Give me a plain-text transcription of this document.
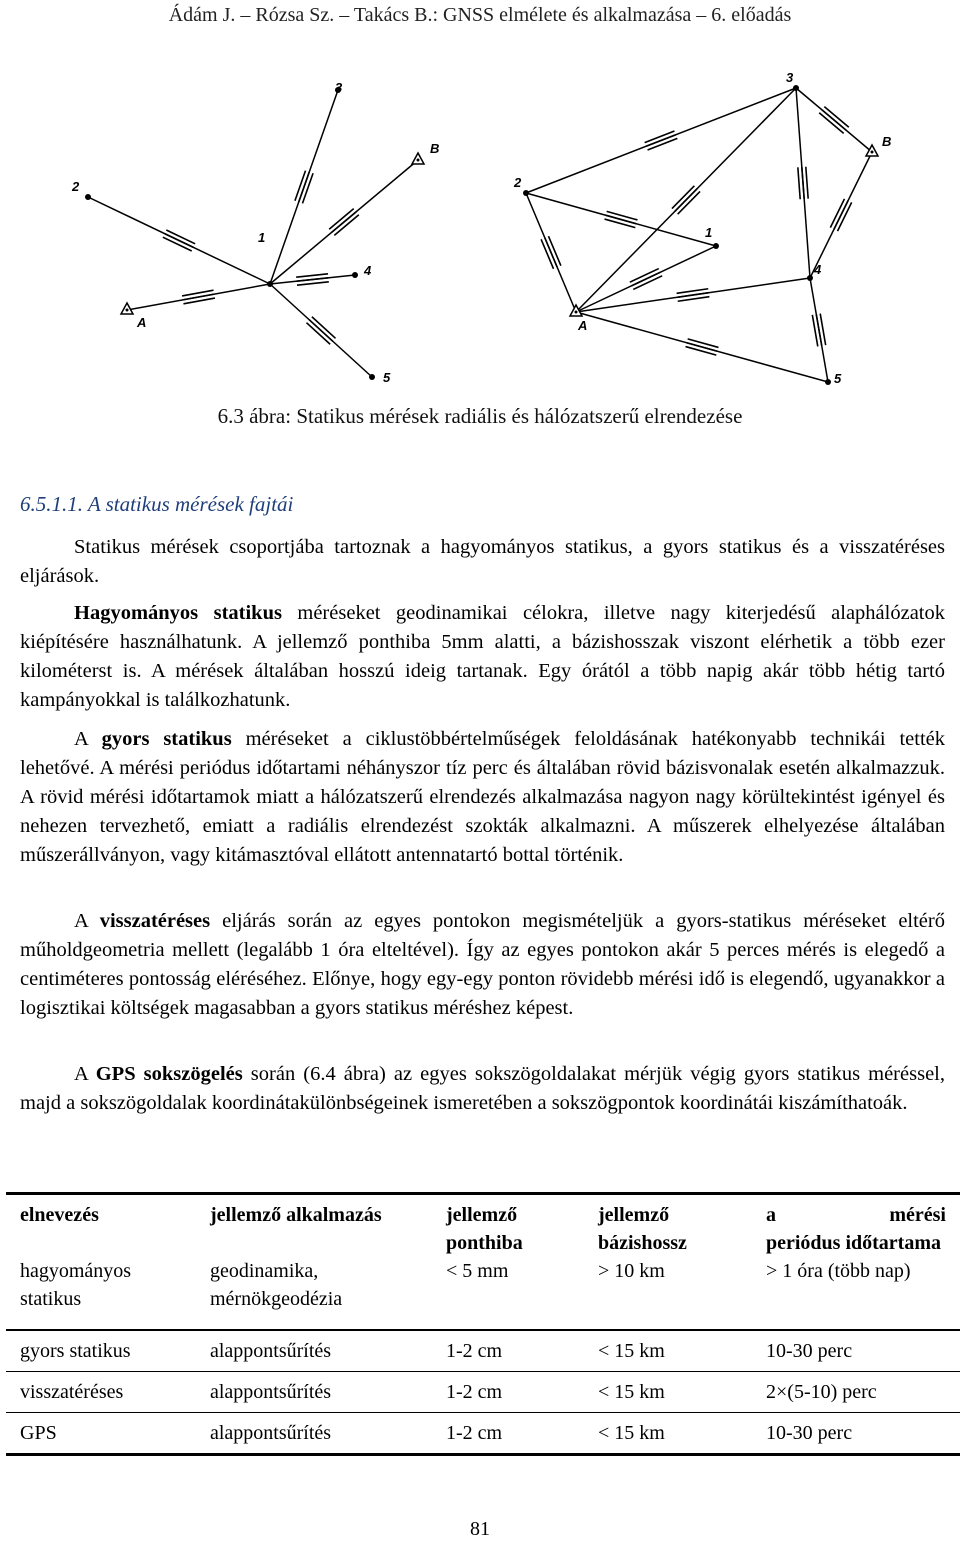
Ádám J. – Rózsa Sz. – Takács B.: GNSS elmélete és alkalmazása – 6. előadás
1
2
3
4
5
A
B
1
2
3
4
5
A
B
6.3 ábra: Statikus mérések radiális és hálózatszerű elrendezése
6.5.1.1. A statikus mérések fajtái

Statikus mérések csoportjába tartoznak a hagyományos statikus, a gyors statikus és a visszatéréses eljárások.

Hagyományos statikus méréseket geodinamikai célokra, illetve nagy kiterjedésű alaphálózatok kiépítésére használhatunk. A jellemző ponthiba 5mm alatti, a bázishosszak viszont elérhetik a több ezer kilométerst is. A mérések általában hosszú ideig tartanak. Egy órától a több napig akár több hétig tartó kampányokkal is találkozhatunk.

A gyors statikus méréseket a ciklustöbbértelműségek feloldásának hatékonyabb technikái tették lehetővé. A mérési periódus időtartami néhányszor tíz perc és általában rövid bázisvonalak esetén alkalmazzuk. A rövid mérési időtartamok miatt a hálózatszerű elrendezés alkalmazása nagyon nagy körültekintést igényel és nehezen tervezhető, emiatt a radiális elrendezést szokták alkalmazni. A műszerek elhelyezése általában műszerállványon, vagy kitámasztóval ellátott antennatartó bottal történik.

A visszatéréses eljárás során az egyes pontokon megismételjük a gyors-statikus méréseket eltérő műholdgeometria mellett (legalább 1 óra elteltével). Így az egyes pontokon akár 5 perces mérés is elegedő a centiméteres pontosság eléréséhez. Előnye, hogy egy-egy ponton rövidebb mérési idő is elegendő, ugyanakkor a logisztikai költségek magasabban a gyors statikus méréshez képest.

A GPS sokszögelés során (6.4 ábra) az egyes sokszögoldalakat mérjük végig gyors statikus méréssel, majd a sokszögoldalak koordinátakülönbségeinek ismeretében a sokszögpontok koordinátái kiszámíthatoák.

elnevezés	jellemző alkalmazás	jellemző ponthiba	jellemző bázishossz	a mérési
periódus időtartama

hagyományos statikus	geodinamika, mérnökgeodézia	< 5 mm	> 10 km	> 1 óra (több nap)
gyors statikus	alappontsűrítés	1-2 cm	< 15 km	10-30 perc
visszatéréses	alappontsűrítés	1-2 cm	< 15 km	2×(5-10) perc
GPS	alappontsűrítés	1-2 cm	< 15 km	10-30 perc
81
